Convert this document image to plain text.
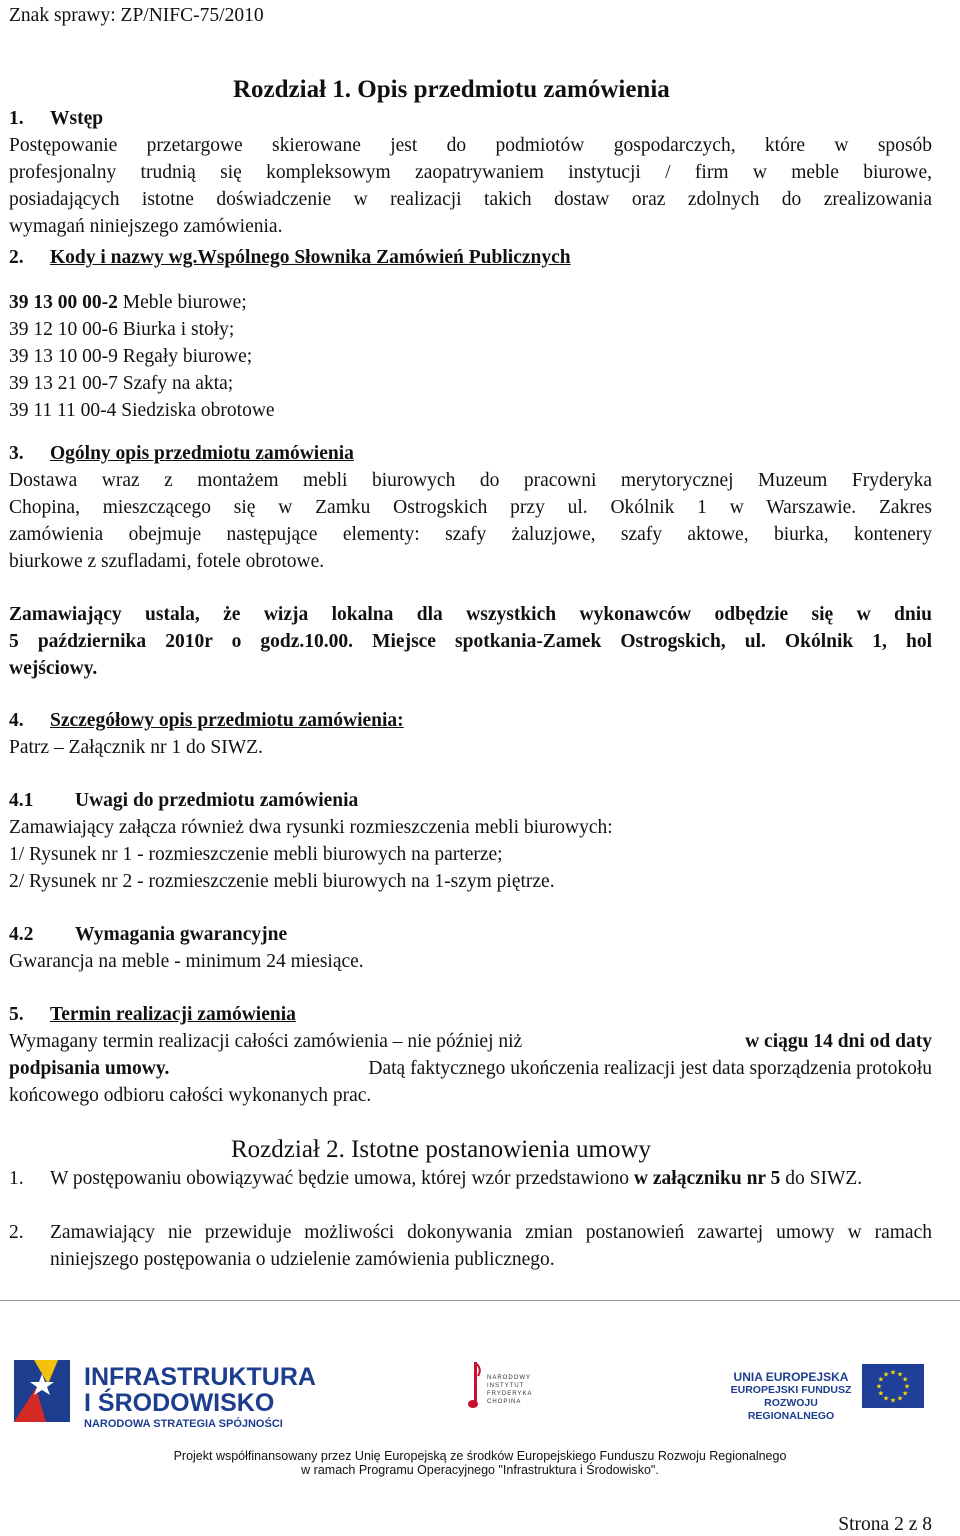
Znak sprawy: ZP/NIFC-75/2010
Rozdział 1. Opis przedmiotu zamówienia
1. Wstęp
Postępowanie przetargowe skierowane jest do podmiotów gospodarczych, które w sposób
profesjonalny trudnią się kompleksowym zaopatrywaniem instytucji / firm w meble biurowe,
posiadających istotne doświadczenie w realizacji takich dostaw oraz zdolnych do zrealizowania
wymagań niniejszego zamówienia.
2. Kody i nazwy wg.Wspólnego Słownika Zamówień Publicznych
39 13 00 00-2 Meble biurowe;
39 12 10 00-6 Biurka i stoły;
39 13 10 00-9 Regały biurowe;
39 13 21 00-7 Szafy na akta;
39 11 11 00-4 Siedziska obrotowe
3. Ogólny opis przedmiotu zamówienia
Dostawa wraz z montażem mebli biurowych do pracowni merytorycznej Muzeum Fryderyka
Chopina, mieszczącego się w Zamku Ostrogskich przy ul. Okólnik 1 w Warszawie. Zakres
zamówienia obejmuje następujące elementy: szafy żaluzjowe, szafy aktowe, biurka, kontenery
biurkowe z szufladami, fotele obrotowe.
Zamawiający ustala, że wizja lokalna dla wszystkich wykonawców odbędzie się w dniu
5 października 2010r o godz.10.00. Miejsce spotkania-Zamek Ostrogskich, ul. Okólnik 1, hol
wejściowy.
4. Szczegółowy opis przedmiotu zamówienia:
Patrz – Załącznik nr 1 do SIWZ.
4.1 Uwagi do przedmiotu zamówienia
Zamawiający załącza również dwa rysunki rozmieszczenia mebli biurowych:
1/ Rysunek nr 1 - rozmieszczenie mebli biurowych na parterze;
2/ Rysunek nr 2 - rozmieszczenie mebli biurowych na 1-szym piętrze.
4.2 Wymagania gwarancyjne
Gwarancja na meble - minimum 24 miesiące.
5. Termin realizacji zamówienia
Wymagany termin realizacji całości zamówienia – nie później niż	w ciągu 14 dni od daty
podpisania umowy.	Datą faktycznego ukończenia realizacji jest data sporządzenia protokołu
końcowego odbioru całości wykonanych prac.
Rozdział 2. Istotne postanowienia umowy
1. W postępowaniu obowiązywać będzie umowa, której wzór przedstawiono w załączniku nr 5 do SIWZ.
2. Zamawiający nie przewiduje możliwości dokonywania zmian postanowień zawartej umowy w ramach niniejszego postępowania o udzielenie zamówienia publicznego.
INFRASTRUKTURA
I ŚRODOWISKO
NARODOWA STRATEGIA SPÓJNOŚCI
NARODOWY
INSTYTUT
FRYDERYKA
CHOPINA
UNIA EUROPEJSKA
EUROPEJSKI FUNDUSZ
ROZWOJU REGIONALNEGO
★ ★
★
★
★
★
★
★
★
★
★
★
Projekt współfinansowany przez Unię Europejską ze środków Europejskiego Funduszu Rozwoju Regionalnego
w ramach Programu Operacyjnego "Infrastruktura i Środowisko".
Strona 2 z 8
